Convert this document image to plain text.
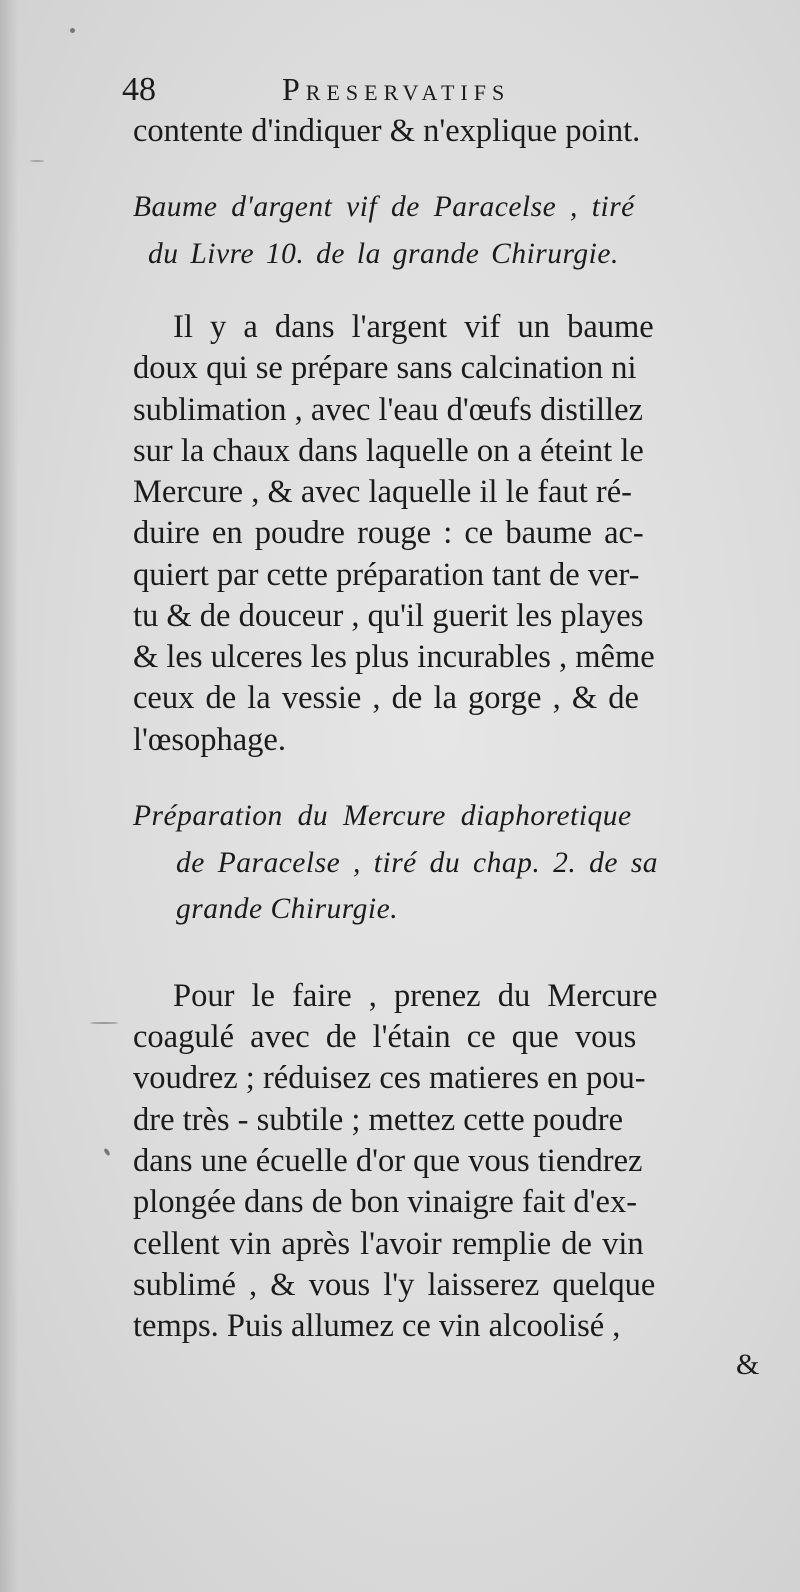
48	Preservatifs
contente d'indiquer & n'explique point.
Baume d'argent vif de Paracelse , tiré
du Livre 10. de la grande Chirurgie.
Il y a dans l'argent vif un baume
doux qui se prépare sans calcination ni
sublimation , avec l'eau d'œufs distillez
sur la chaux dans laquelle on a éteint le
Mercure , & avec laquelle il le faut ré-
duire en poudre rouge : ce baume ac-
quiert par cette préparation tant de ver-
tu & de douceur , qu'il guerit les playes
& les ulceres les plus incurables , même
ceux de la vessie , de la gorge , & de
l'œsophage.
Préparation du Mercure diaphoretique
de Paracelse , tiré du chap. 2. de sa
grande Chirurgie.
Pour le faire , prenez du Mercure
coagulé avec de l'étain ce que vous
voudrez ; réduisez ces matieres en pou-
dre très - subtile ; mettez cette poudre
dans une écuelle d'or que vous tiendrez
plongée dans de bon vinaigre fait d'ex-
cellent vin après l'avoir remplie de vin
sublimé , & vous l'y laisserez quelque
temps. Puis allumez ce vin alcoolisé ,
&
